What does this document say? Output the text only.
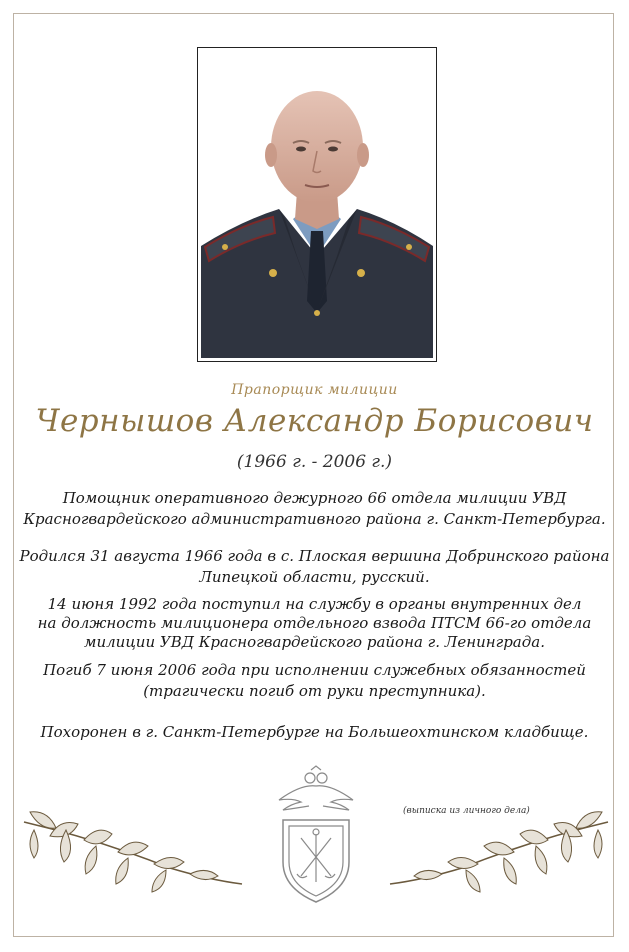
Прапорщик милиции
Чернышов Александр Борисович
(1966 г. - 2006 г.)
Помощник оперативного дежурного 66 отдела милиции УВД
Красногвардейского административного района г. Санкт-Петербурга.
Родился 31 августа 1966 года в с. Плоская вершина Добринского района
Липецкой области, русский.
14 июня 1992 года поступил на службу в органы внутренних дел
на должность милиционера отдельного взвода ПТСМ 66-го отдела
милиции УВД Красногвардейского района г. Ленинграда.
Погиб 7 июня 2006 года при исполнении служебных обязанностей
(трагически погиб от руки преступника).
Похоронен в г. Санкт-Петербурге на Большеохтинском кладбище.
(выписка из личного дела)
